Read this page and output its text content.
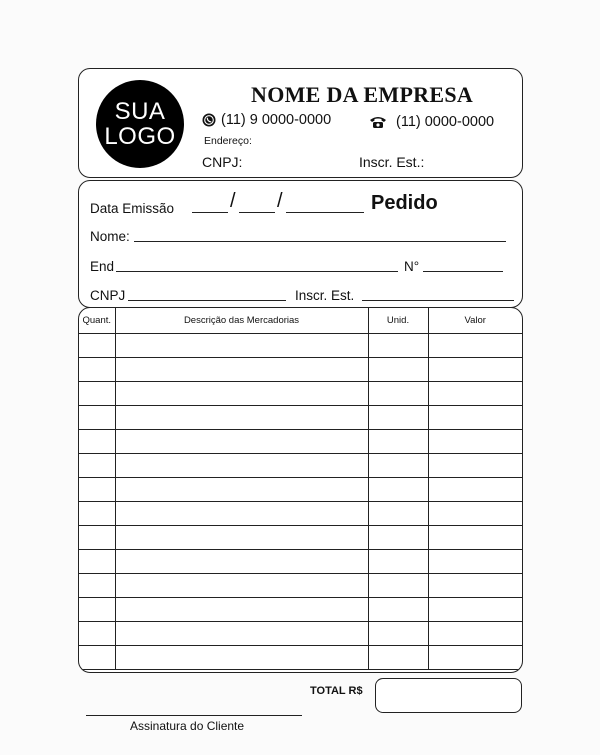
SUA
LOGO
NOME DA EMPRESA
(11) 9 0000-0000	(11) 0000-0000
Endereço:
CNPJ:	Inscr. Est.:
Data Emissão	/ /	Pedido
Nome:
End	N°
CNPJ	Inscr. Est.
Quant.	Descrição das Mercadorias	Unid.	Valor

TOTAL R$
Assinatura do Cliente
